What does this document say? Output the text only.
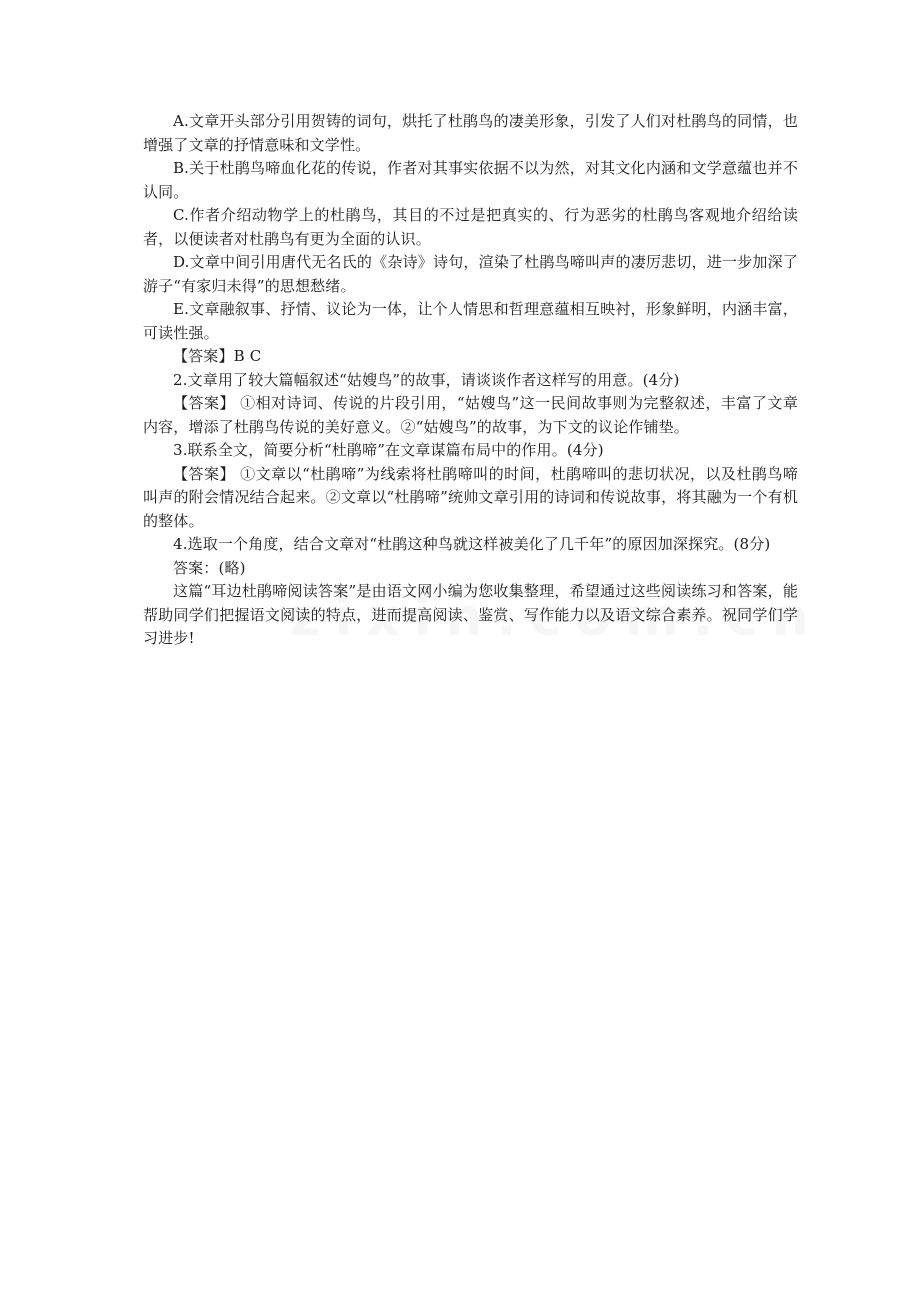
A.文章开头部分引用贺铸的词句，烘托了杜鹃鸟的凄美形象，引发了人们对杜鹃鸟的同情，也增强了文章的抒情意味和文学性。

B.关于杜鹃鸟啼血化花的传说，作者对其事实依据不以为然，对其文化内涵和文学意蕴也并不认同。

C.作者介绍动物学上的杜鹃鸟，其目的不过是把真实的、行为恶劣的杜鹃鸟客观地介绍给读者，以便读者对杜鹃鸟有更为全面的认识。

D.文章中间引用唐代无名氏的《杂诗》诗句，渲染了杜鹃鸟啼叫声的凄厉悲切，进一步加深了游子“有家归未得”的思想愁绪。

E.文章融叙事、抒情、议论为一体，让个人情思和哲理意蕴相互映衬，形象鲜明，内涵丰富，可读性强。

【答案】B C

2.文章用了较大篇幅叙述“姑嫂鸟”的故事，请谈谈作者这样写的用意。(4分)

【答案】 ①相对诗词、传说的片段引用，“姑嫂鸟”这一民间故事则为完整叙述，丰富了文章内容，增添了杜鹃鸟传说的美好意义。②“姑嫂鸟”的故事，为下文的议论作铺垫。

3.联系全文，简要分析“杜鹃啼”在文章谋篇布局中的作用。(4分)

【答案】 ①文章以“杜鹃啼”为线索将杜鹃啼叫的时间，杜鹃啼叫的悲切状况，以及杜鹃鸟啼叫声的附会情况结合起来。②文章以“杜鹃啼”统帅文章引用的诗词和传说故事，将其融为一个有机的整体。

4.选取一个角度，结合文章对“杜鹃这种鸟就这样被美化了几千年”的原因加深探究。(8分)

答案：(略)

这篇“耳边杜鹃啼阅读答案”是由语文网小编为您收集整理，希望通过这些阅读练习和答案，能帮助同学们把握语文阅读的特点，进而提高阅读、鉴赏、写作能力以及语文综合素养。祝同学们学习进步!
